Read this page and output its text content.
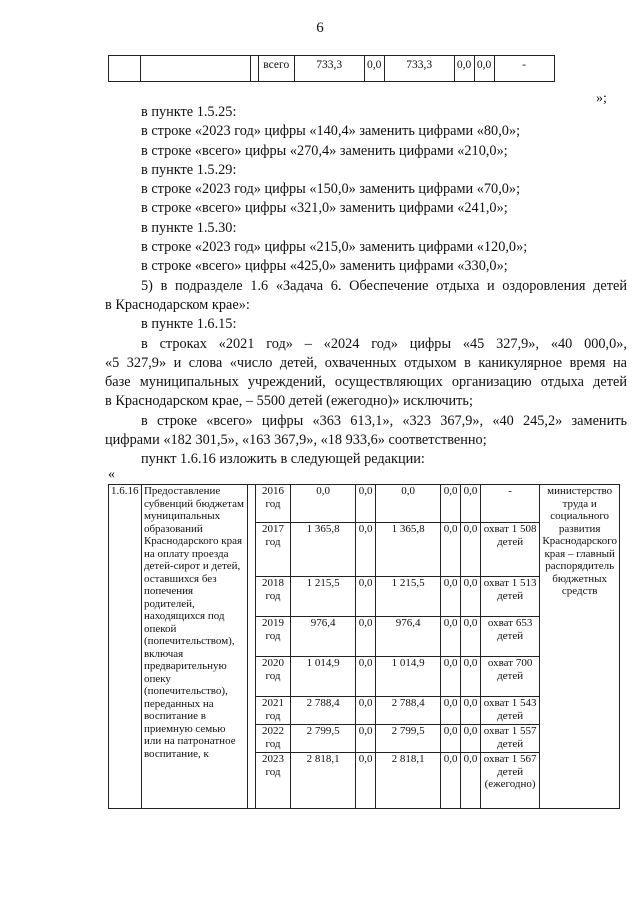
6
			всего	733,3	0,0	733,3	0,0	0,0	-	
»;

в пункте 1.5.25:

в строке «2023 год» цифры «140,4» заменить цифрами «80,0»;

в строке «всего» цифры «270,4» заменить цифрами «210,0»;

в пункте 1.5.29:

в строке «2023 год» цифры «150,0» заменить цифрами «70,0»;

в строке «всего» цифры «321,0» заменить цифрами «241,0»;

в пункте 1.5.30:

в строке «2023 год» цифры «215,0» заменить цифрами «120,0»;

в строке «всего» цифры «425,0» заменить цифрами «330,0»;

5) в подразделе 1.6 «Задача 6. Обеспечение отдыха и оздоровления детей

в Краснодарском крае»:

в пункте 1.6.15:

в строках «2021 год» – «2024 год» цифры «45 327,9», «40 000,0»,

«5 327,9» и слова «число детей, охваченных отдыхом в каникулярное время на

базе муниципальных учреждений, осуществляющих организацию отдыха детей

в Краснодарском крае, – 5500 детей (ежегодно)» исключить;

в строке «всего» цифры «363 613,1», «323 367,9», «40 245,2» заменить

цифрами «182 301,5», «163 367,9», «18 933,6» соответственно;

пункт 1.6.16 изложить в следующей редакции:

«
1.6.16	Предоставление субвенций бюджетам муниципальных образований Краснодарского края на оплату проезда детей-сирот и детей, оставшихся без попечения родителей, находящихся под опекой (попечительством), включая предварительную опеку (попечительство), переданных на воспитание в приемную семью или на патронатное воспитание, к		2016 год	0,0	0,0	0,0	0,0	0,0	-	министерство труда и социального развития Краснодарского края – главный распорядитель бюджетных средств
			2017 год	1 365,8	0,0	1 365,8	0,0	0,0	охват 1 508 детей	
			2018 год	1 215,5	0,0	1 215,5	0,0	0,0	охват 1 513 детей	
			2019 год	976,4	0,0	976,4	0,0	0,0	охват 653 детей	
			2020 год	1 014,9	0,0	1 014,9	0,0	0,0	охват 700 детей	
			2021 год	2 788,4	0,0	2 788,4	0,0	0,0	охват 1 543 детей	
			2022 год	2 799,5	0,0	2 799,5	0,0	0,0	охват 1 557 детей	
			2023 год	2 818,1	0,0	2 818,1	0,0	0,0	охват 1 567 детей (ежегодно)	
